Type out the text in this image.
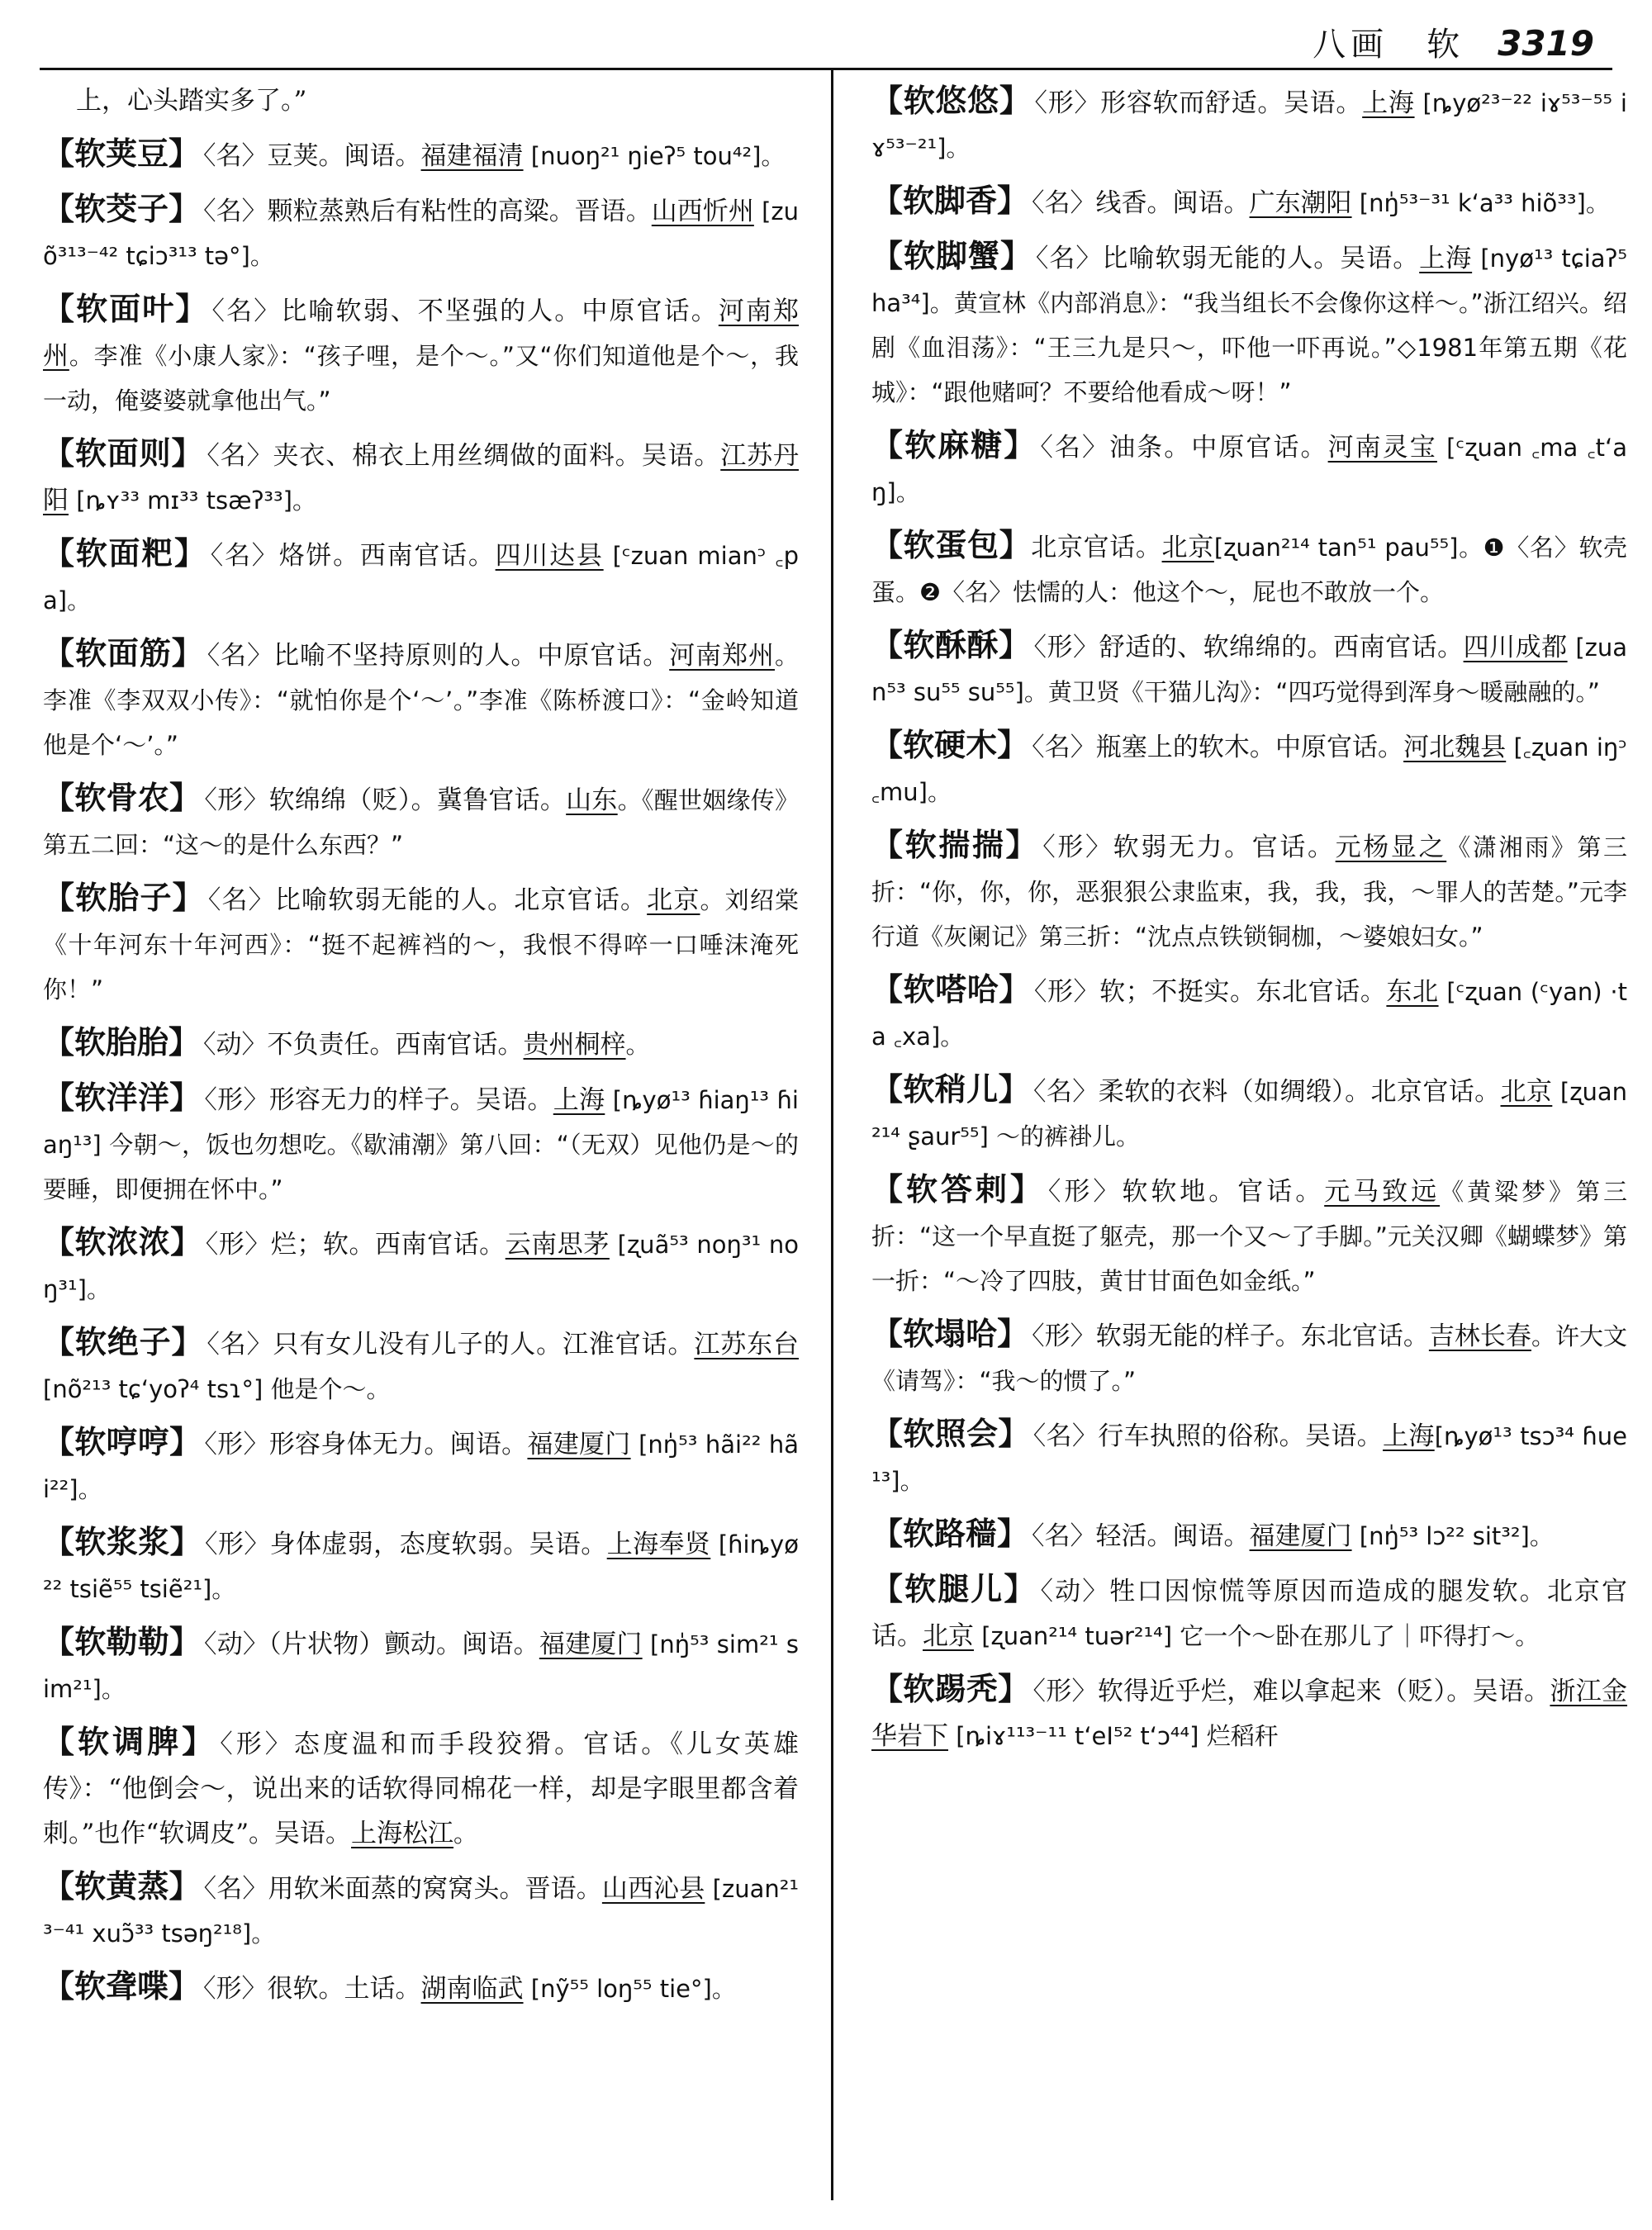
八画　软 3319
上，心头踏实多了。”
【软荚豆】 〈名〉豆荚。闽语。福建福清 [nuoŋ²¹ ŋieʔ⁵ tou⁴²]。
【软茭子】 〈名〉颗粒蒸熟后有粘性的高粱。晋语。山西忻州 [zuõ³¹³⁻⁴² tɕiɔ³¹³ tə°]。
【软面叶】 〈名〉比喻软弱、不坚强的人。中原官话。河南郑州。李准《小康人家》：“孩子哩，是个～。”又“你们知道他是个～，我一动，俺婆婆就拿他出气。”
【软面则】 〈名〉夹衣、棉衣上用丝绸做的面料。吴语。江苏丹阳 [ȵʏ³³ mɪ³³ tsæʔ³³]。
【软面粑】 〈名〉烙饼。西南官话。四川达县 [ᶜzuan mianᵓ ꜀pa]。
【软面筋】 〈名〉比喻不坚持原则的人。中原官话。河南郑州。李准《李双双小传》：“就怕你是个‘～’。”李准《陈桥渡口》：“金岭知道他是个‘～’。”
【软骨农】 〈形〉软绵绵（贬）。冀鲁官话。山东。《醒世姻缘传》第五二回：“这～的是什么东西？”
【软胎子】 〈名〉比喻软弱无能的人。北京官话。北京。刘绍棠《十年河东十年河西》：“挺不起裤裆的～，我恨不得啐一口唾沫淹死你！”
【软胎胎】 〈动〉不负责任。西南官话。贵州桐梓。
【软洋洋】 〈形〉形容无力的样子。吴语。上海 [ȵyø¹³ ɦiaŋ¹³ ɦiaŋ¹³] 今朝～，饭也勿想吃。《歇浦潮》第八回：“（无双）见他仍是～的要睡，即便拥在怀中。”
【软浓浓】 〈形〉烂；软。西南官话。云南思茅 [ʐuã⁵³ noŋ³¹ noŋ³¹]。
【软绝子】 〈名〉只有女儿没有儿子的人。江淮官话。江苏东台 [nõ²¹³ tɕʻyoʔ⁴ tsɿ°] 他是个～。
【软哼哼】 〈形〉形容身体无力。闽语。福建厦门 [nŋ̍⁵³ hãi²² hãi²²]。
【软浆浆】 〈形〉身体虚弱，态度软弱。吴语。上海奉贤 [ɦiȵyø²² tsiẽ⁵⁵ tsiẽ²¹]。
【软勒勒】 〈动〉（片状物）颤动。闽语。福建厦门 [nŋ̍⁵³ sim²¹ sim²¹]。
【软调脾】 〈形〉态度温和而手段狡猾。官话。《儿女英雄传》：“他倒会～，说出来的话软得同棉花一样，却是字眼里都含着刺。”也作“软调皮”。吴语。上海松江。
【软黄蒸】 〈名〉用软米面蒸的窝窝头。晋语。山西沁县 [zuan²¹³⁻⁴¹ xuɔ̃³³ tsəŋ²¹⁸]。
【软聋喋】 〈形〉很软。土话。湖南临武 [nỹ⁵⁵ loŋ⁵⁵ tie°]。
【软悠悠】 〈形〉形容软而舒适。吴语。上海 [ȵyø²³⁻²² iɤ⁵³⁻⁵⁵ iɤ⁵³⁻²¹]。
【软脚香】 〈名〉线香。闽语。广东潮阳 [nŋ̍⁵³⁻³¹ kʻa³³ hiõ³³]。
【软脚蟹】 〈名〉比喻软弱无能的人。吴语。上海 [nyø¹³ tɕiaʔ⁵ ha³⁴]。黄宣林《内部消息》：“我当组长不会像你这样～。”浙江绍兴。绍剧《血泪荡》：“王三九是只～，吓他一吓再说。”◇1981年第五期《花城》：“跟他赌呵？不要给他看成～呀！”
【软麻糖】 〈名〉油条。中原官话。河南灵宝 [ᶜʐuan ꜀ma ꜀tʻaŋ]。
【软蛋包】北京官话。北京[ʐuan²¹⁴ tan⁵¹ pau⁵⁵]。❶〈名〉软壳蛋。❷〈名〉怯懦的人：他这个～，屁也不敢放一个。
【软酥酥】 〈形〉舒适的、软绵绵的。西南官话。四川成都 [zuan⁵³ su⁵⁵ su⁵⁵]。黄卫贤《干猫儿沟》：“四巧觉得到浑身～暖融融的。”
【软硬木】 〈名〉瓶塞上的软木。中原官话。河北魏县 [꜀ʐuan iŋᵓ ꜀mu]。
【软揣揣】 〈形〉软弱无力。官话。元杨显之《潇湘雨》第三折：“你，你，你，恶狠狠公隶监束，我，我，我，～罪人的苦楚。”元李行道《灰阑记》第三折：“沈点点铁锁铜枷，～婆娘妇女。”
【软嗒哈】 〈形〉软；不挺实。东北官话。东北 [ᶜʐuan (ᶜyan) ·ta ꜀xa]。
【软稍儿】 〈名〉柔软的衣料（如绸缎）。北京官话。北京 [ʐuan²¹⁴ ʂaur⁵⁵] ～的裤褂儿。
【软答剌】 〈形〉软软地。官话。元马致远《黄粱梦》第三折：“这一个早直挺了躯壳，那一个又～了手脚。”元关汉卿《蝴蝶梦》第一折：“～冷了四肢，黄甘甘面色如金纸。”
【软塌哈】 〈形〉软弱无能的样子。东北官话。吉林长春。许大文《请驾》：“我～的惯了。”
【软照会】 〈名〉行车执照的俗称。吴语。上海[ȵyø¹³ tsɔ³⁴ ɦue¹³]。
【软路穑】 〈名〉轻活。闽语。福建厦门 [nŋ̍⁵³ lɔ²² sit³²]。
【软腿儿】 〈动〉牲口因惊慌等原因而造成的腿发软。北京官话。北京 [ʐuan²¹⁴ tuər²¹⁴] 它一个～卧在那儿了｜吓得打～。
【软踢秃】 〈形〉软得近乎烂，难以拿起来（贬）。吴语。浙江金华岩下 [ȵiɤ¹¹³⁻¹¹ tʻeI⁵² tʻɔ⁴⁴] 烂稻秆
